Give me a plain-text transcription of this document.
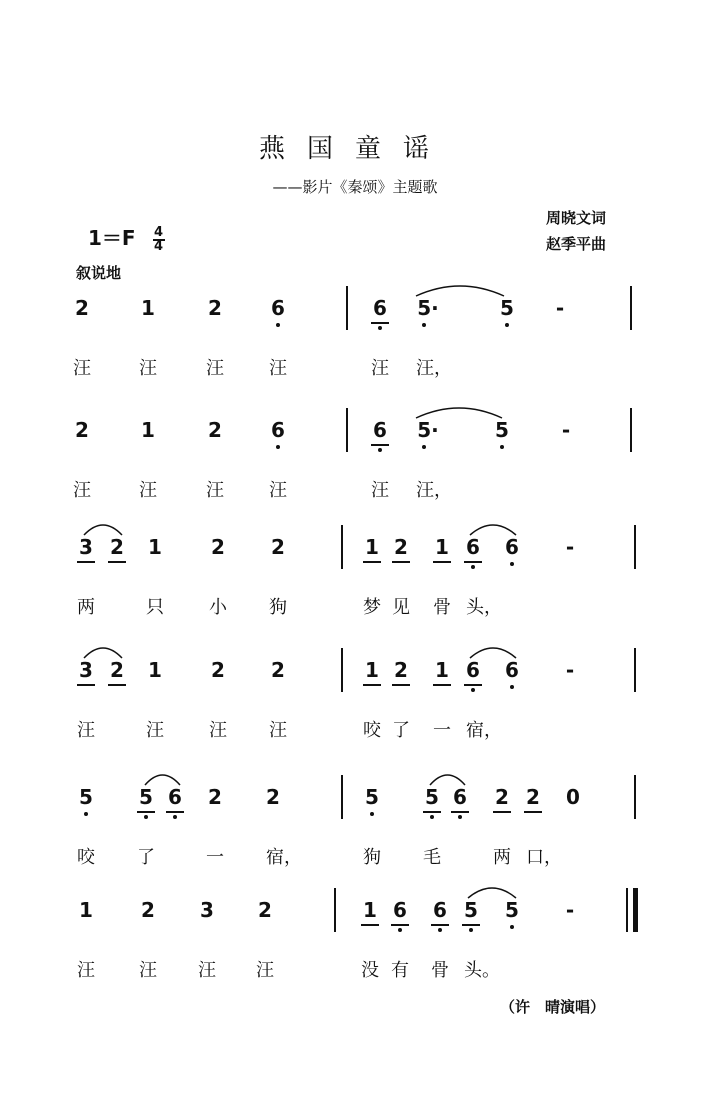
燕国童谣
——影片《秦颂》主题歌
周晓文词
赵季平曲
$1=F \frac{4}{4}$
叙说地
2	1	2 6	6 5·	5	-
汪	汪	汪	汪	汪 汪，
2	1	2 6	6 5·	5	-
汪	汪	汪	汪	汪 汪，
3 2 1 2 2	1 2 1 6 6	-
两	只	小 狗	梦 见 骨 头，
3 2 1 2 2	1 2 1 6 6	-
汪	汪	汪 汪	咬 了 一 宿，
5 5 6 2 2	5 5 6 2 2 0
咬 了	一 宿，	狗 毛	两 口，
1 2 3 2	1 6 6 5 5	-
汪 汪 汪 汪	没 有 骨 头。
（许　晴演唱）
